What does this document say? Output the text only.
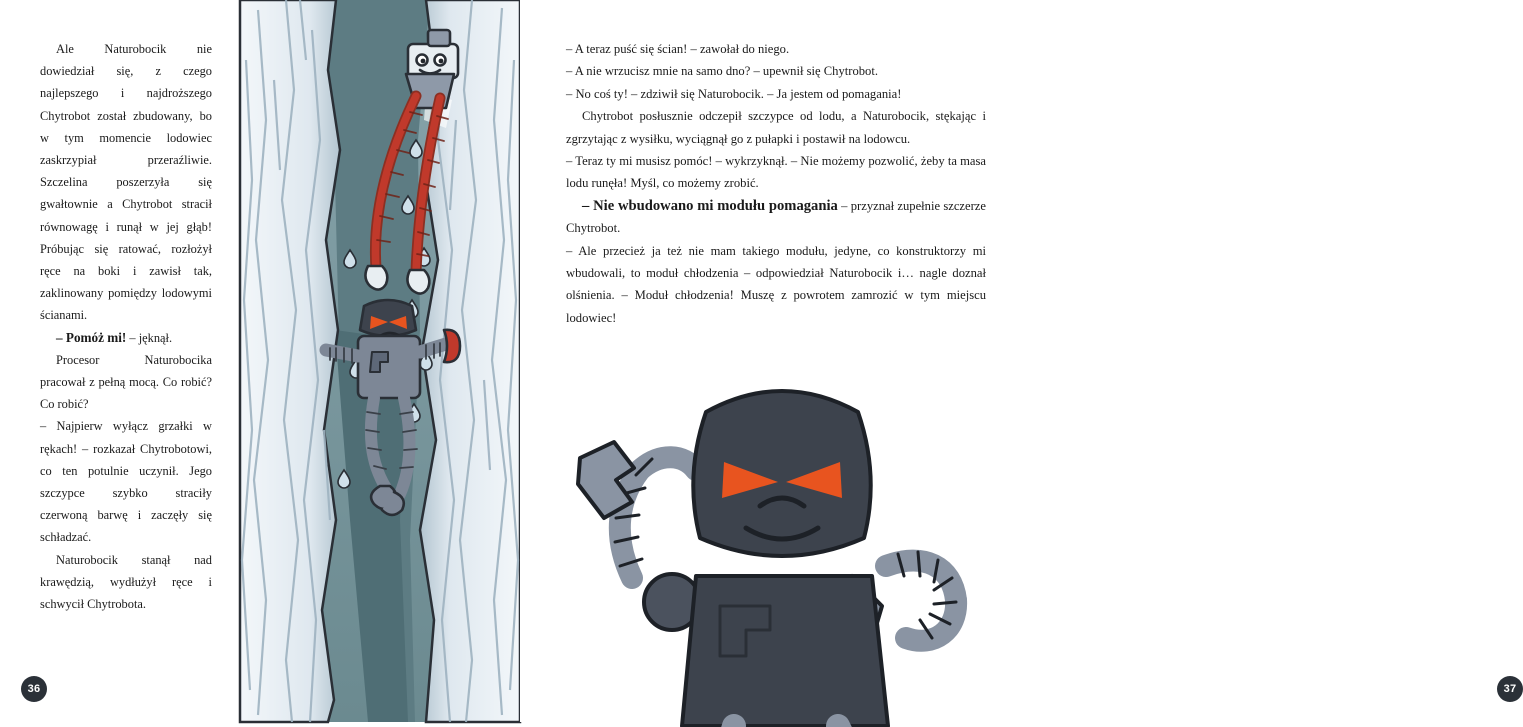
Ale Naturobocik nie dowiedział się, z czego najlepszego i najdroższego Chytrobot został zbudowany, bo w tym momencie lodowiec zaskrzypiał przeraźliwie. Szczelina poszerzyła się gwałtownie a Chytrobot stracił równowagę i runął w jej głąb! Próbując się ratować, rozłożył ręce na boki i zawisł tak, zaklinowany pomiędzy lodowymi ścianami.

– Pomóż mi! – jęknął.

Procesor Naturobocika pracował z pełną mocą. Co robić? Co robić?

– Najpierw wyłącz grzałki w rękach! – rozkazał Chytrobotowi, co ten potulnie uczynił. Jego szczypce szybko straciły czerwoną barwę i zaczęły się schładzać.

Naturobocik stanął nad krawędzią, wydłużył ręce i schwycił Chytrobota.

36

– A teraz puść się ścian! – zawołał do niego.

– A nie wrzucisz mnie na samo dno? – upewnił się Chytrobot.

– No coś ty! – zdziwił się Naturobocik. – Ja jestem od pomagania!

Chytrobot posłusznie odczepił szczypce od lodu, a Naturobocik, stękając i zgrzytając z wysiłku, wyciągnął go z pułapki i postawił na lodowcu.

– Teraz ty mi musisz pomóc! – wykrzyknął. – Nie możemy pozwolić, żeby ta masa lodu runęła! Myśl, co możemy zrobić.

– Nie wbudowano mi modułu pomagania – przyznał zupełnie szczerze Chytrobot.

– Ale przecież ja też nie mam takiego modułu, jedyne, co konstruktorzy mi wbudowali, to moduł chłodzenia – odpowiedział Naturobocik i… nagle doznał olśnienia. – Moduł chłodzenia! Muszę z powrotem zamrozić w tym miejscu lodowiec!

37
